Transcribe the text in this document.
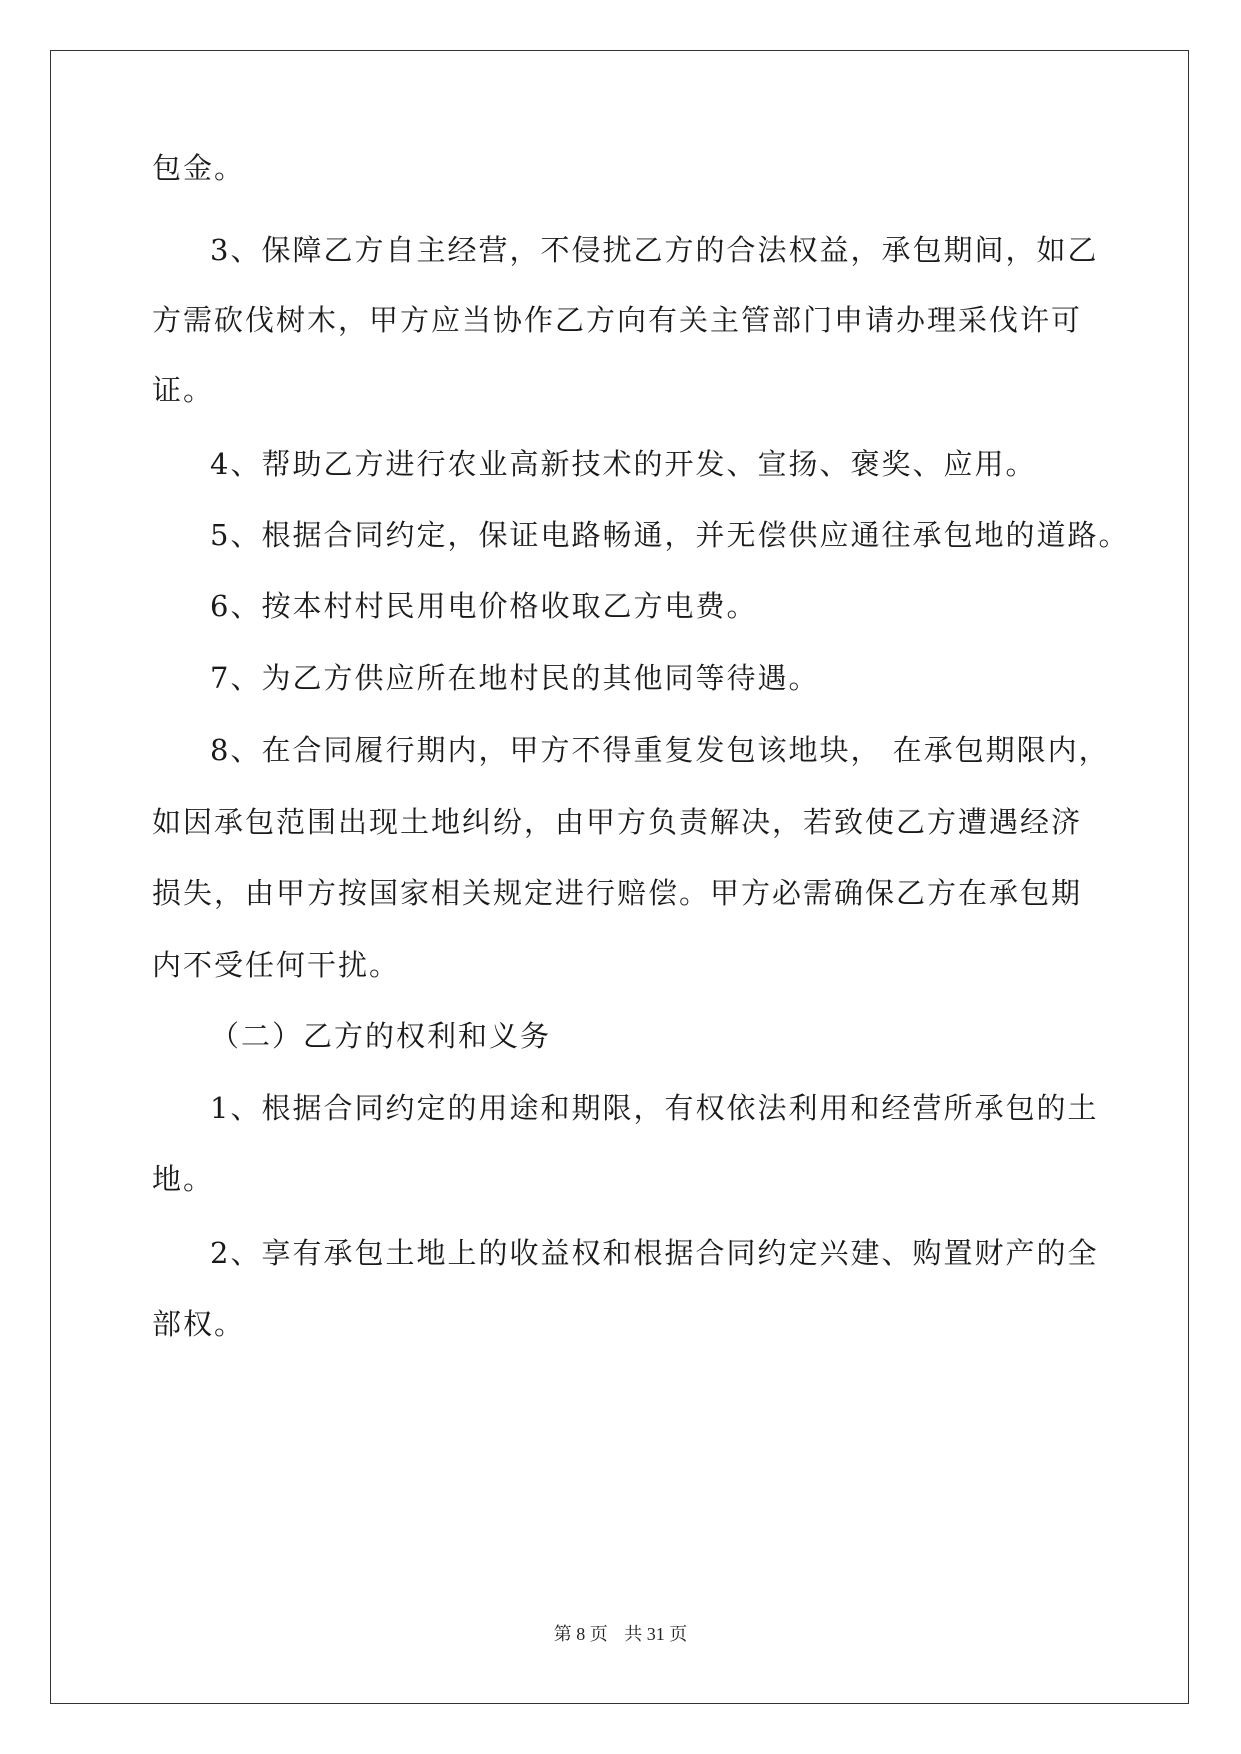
包金。
3、保障乙方自主经营，不侵扰乙方的合法权益，承包期间，如乙
方需砍伐树木，甲方应当协作乙方向有关主管部门申请办理采伐许可
证。
4、帮助乙方进行农业高新技术的开发、宣扬、褒奖、应用。
5、根据合同约定，保证电路畅通，并无偿供应通往承包地的道路。
6、按本村村民用电价格收取乙方电费。
7、为乙方供应所在地村民的其他同等待遇。
8、在合同履行期内，甲方不得重复发包该地块， 在承包期限内，
如因承包范围出现土地纠纷，由甲方负责解决，若致使乙方遭遇经济
损失，由甲方按国家相关规定进行赔偿。甲方必需确保乙方在承包期
内不受任何干扰。
（二）乙方的权利和义务
1、根据合同约定的用途和期限，有权依法利用和经营所承包的土
地。
2、享有承包土地上的收益权和根据合同约定兴建、购置财产的全
部权。
第 8 页 共 31 页
